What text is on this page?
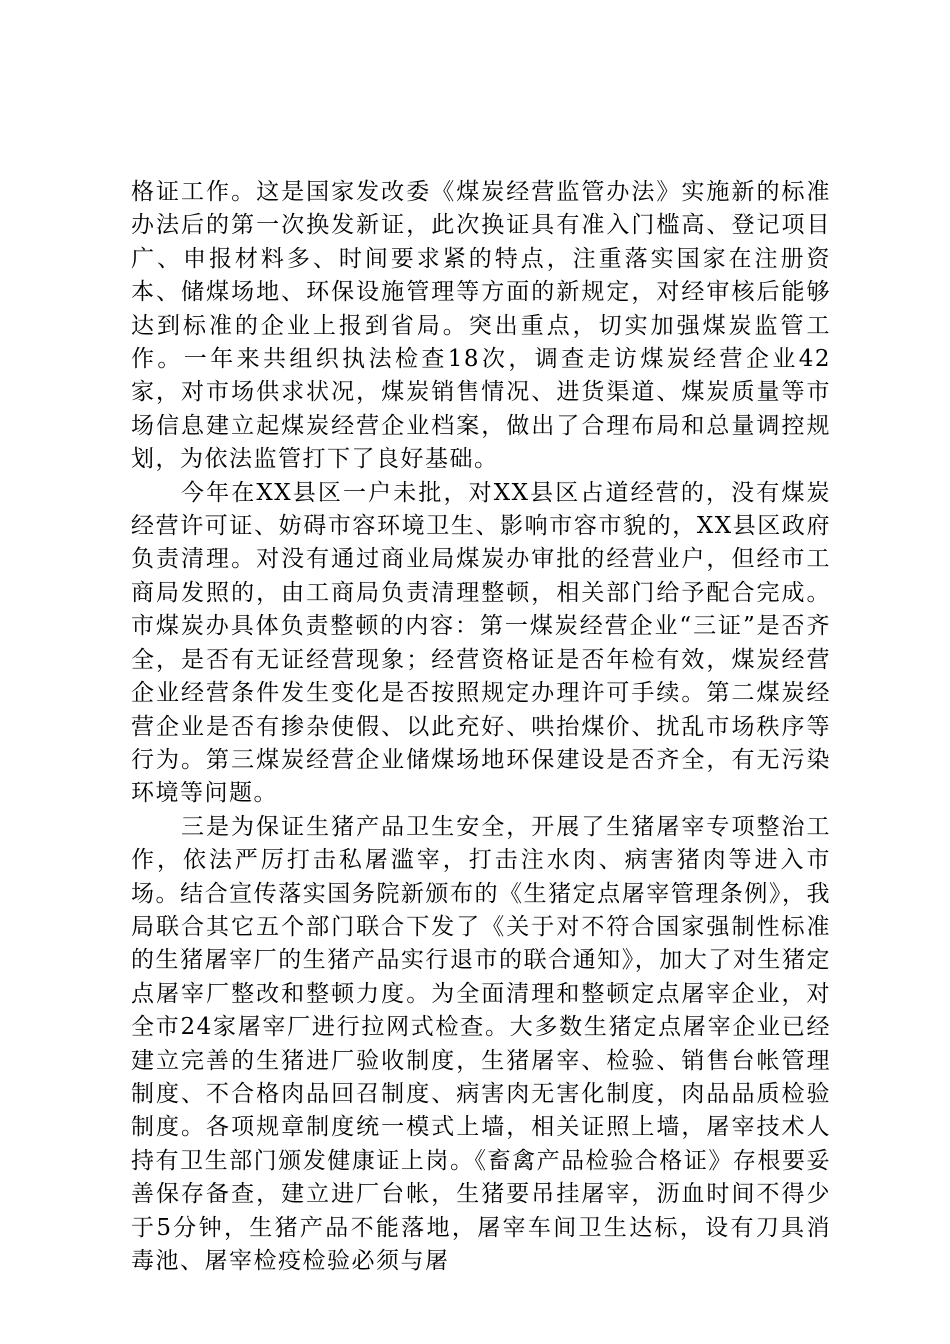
格证工作。这是国家发改委《煤炭经营监管办法》实施新的标准办法后的第一次换发新证，此次换证具有准入门槛高、登记项目广、申报材料多、时间要求紧的特点，注重落实国家在注册资本、储煤场地、环保设施管理等方面的新规定，对经审核后能够达到标准的企业上报到省局。突出重点，切实加强煤炭监管工作。一年来共组织执法检查18次，调查走访煤炭经营企业42家，对市场供求状况，煤炭销售情况、进货渠道、煤炭质量等市场信息建立起煤炭经营企业档案，做出了合理布局和总量调控规划，为依法监管打下了良好基础。

今年在XX县区一户未批，对XX县区占道经营的，没有煤炭经营许可证、妨碍市容环境卫生、影响市容市貌的，XX县区政府负责清理。对没有通过商业局煤炭办审批的经营业户，但经市工商局发照的，由工商局负责清理整顿，相关部门给予配合完成。市煤炭办具体负责整顿的内容：第一煤炭经营企业“三证”是否齐全，是否有无证经营现象；经营资格证是否年检有效，煤炭经营企业经营条件发生变化是否按照规定办理许可手续。第二煤炭经营企业是否有掺杂使假、以此充好、哄抬煤价、扰乱市场秩序等行为。第三煤炭经营企业储煤场地环保建设是否齐全，有无污染环境等问题。

三是为保证生猪产品卫生安全，开展了生猪屠宰专项整治工作，依法严厉打击私屠滥宰，打击注水肉、病害猪肉等进入市场。结合宣传落实国务院新颁布的《生猪定点屠宰管理条例》，我局联合其它五个部门联合下发了《关于对不符合国家强制性标准的生猪屠宰厂的生猪产品实行退市的联合通知》，加大了对生猪定点屠宰厂整改和整顿力度。为全面清理和整顿定点屠宰企业，对全市24家屠宰厂进行拉网式检查。大多数生猪定点屠宰企业已经建立完善的生猪进厂验收制度，生猪屠宰、检验、销售台帐管理制度、不合格肉品回召制度、病害肉无害化制度，肉品品质检验制度。各项规章制度统一模式上墙，相关证照上墙，屠宰技术人持有卫生部门颁发健康证上岗。《畜禽产品检验合格证》存根要妥善保存备查，建立进厂台帐，生猪要吊挂屠宰，沥血时间不得少于5分钟，生猪产品不能落地，屠宰车间卫生达标，设有刀具消毒池、屠宰检疫检验必须与屠
